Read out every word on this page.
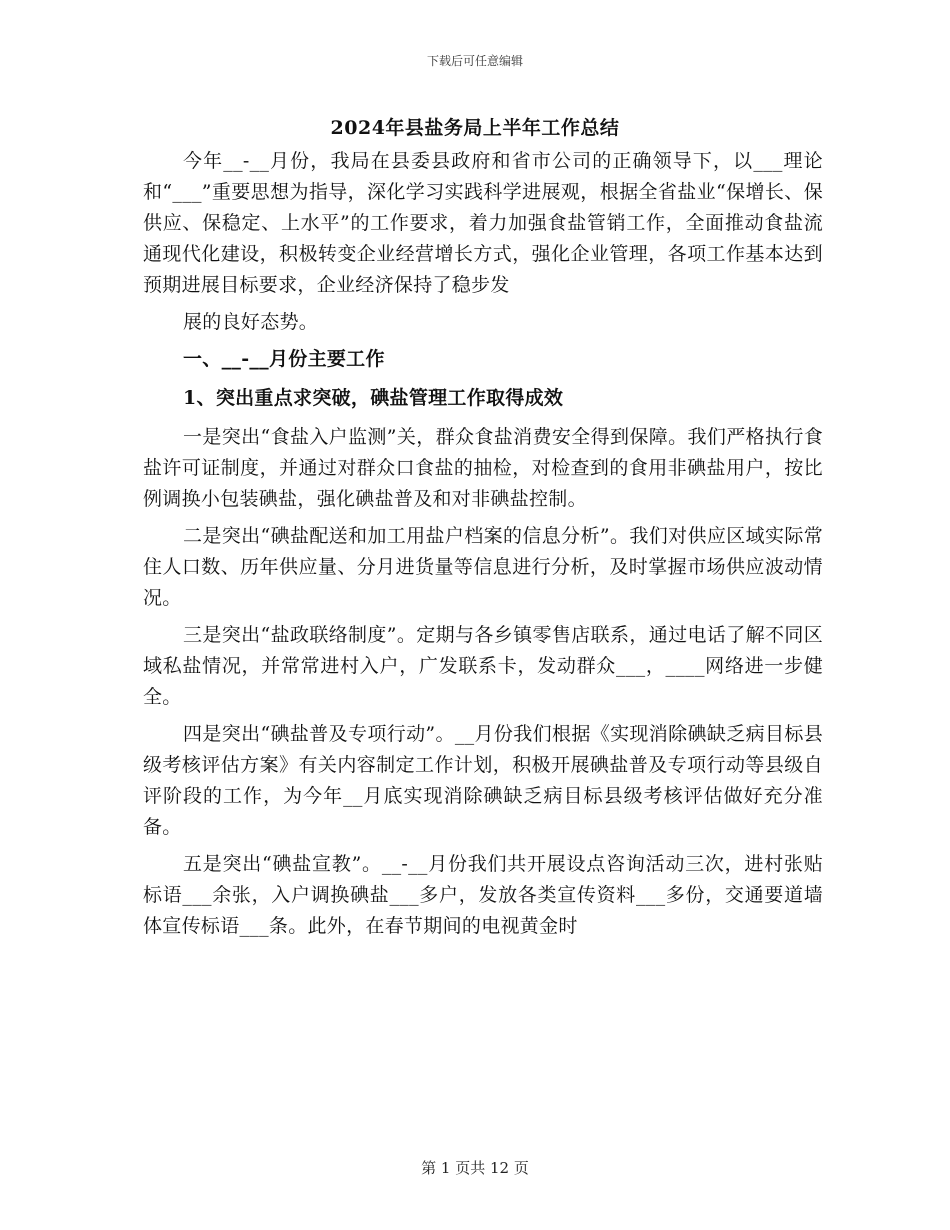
下载后可任意编辑
2024年县盐务局上半年工作总结

今年__-__月份，我局在县委县政府和省市公司的正确领导下，以___理论和“___”重要思想为指导，深化学习实践科学进展观，根据全省盐业“保增长、保供应、保稳定、上水平”的工作要求，着力加强食盐管销工作，全面推动食盐流通现代化建设，积极转变企业经营增长方式，强化企业管理，各项工作基本达到预期进展目标要求，企业经济保持了稳步发

展的良好态势。

一、__-__月份主要工作

1、突出重点求突破，碘盐管理工作取得成效

一是突出“食盐入户监测”关，群众食盐消费安全得到保障。我们严格执行食盐许可证制度，并通过对群众口食盐的抽检，对检查到的食用非碘盐用户，按比例调换小包装碘盐，强化碘盐普及和对非碘盐控制。

二是突出“碘盐配送和加工用盐户档案的信息分析”。我们对供应区域实际常住人口数、历年供应量、分月进货量等信息进行分析，及时掌握市场供应波动情况。

三是突出“盐政联络制度”。定期与各乡镇零售店联系，通过电话了解不同区域私盐情况，并常常进村入户，广发联系卡，发动群众___，____网络进一步健全。

四是突出“碘盐普及专项行动”。__月份我们根据《实现消除碘缺乏病目标县级考核评估方案》有关内容制定工作计划，积极开展碘盐普及专项行动等县级自评阶段的工作，为今年__月底实现消除碘缺乏病目标县级考核评估做好充分准备。

五是突出“碘盐宣教”。__-__月份我们共开展设点咨询活动三次，进村张贴标语___余张，入户调换碘盐___多户，发放各类宣传资料___多份，交通要道墙体宣传标语___条。此外，在春节期间的电视黄金时

第 1 页共 12 页
